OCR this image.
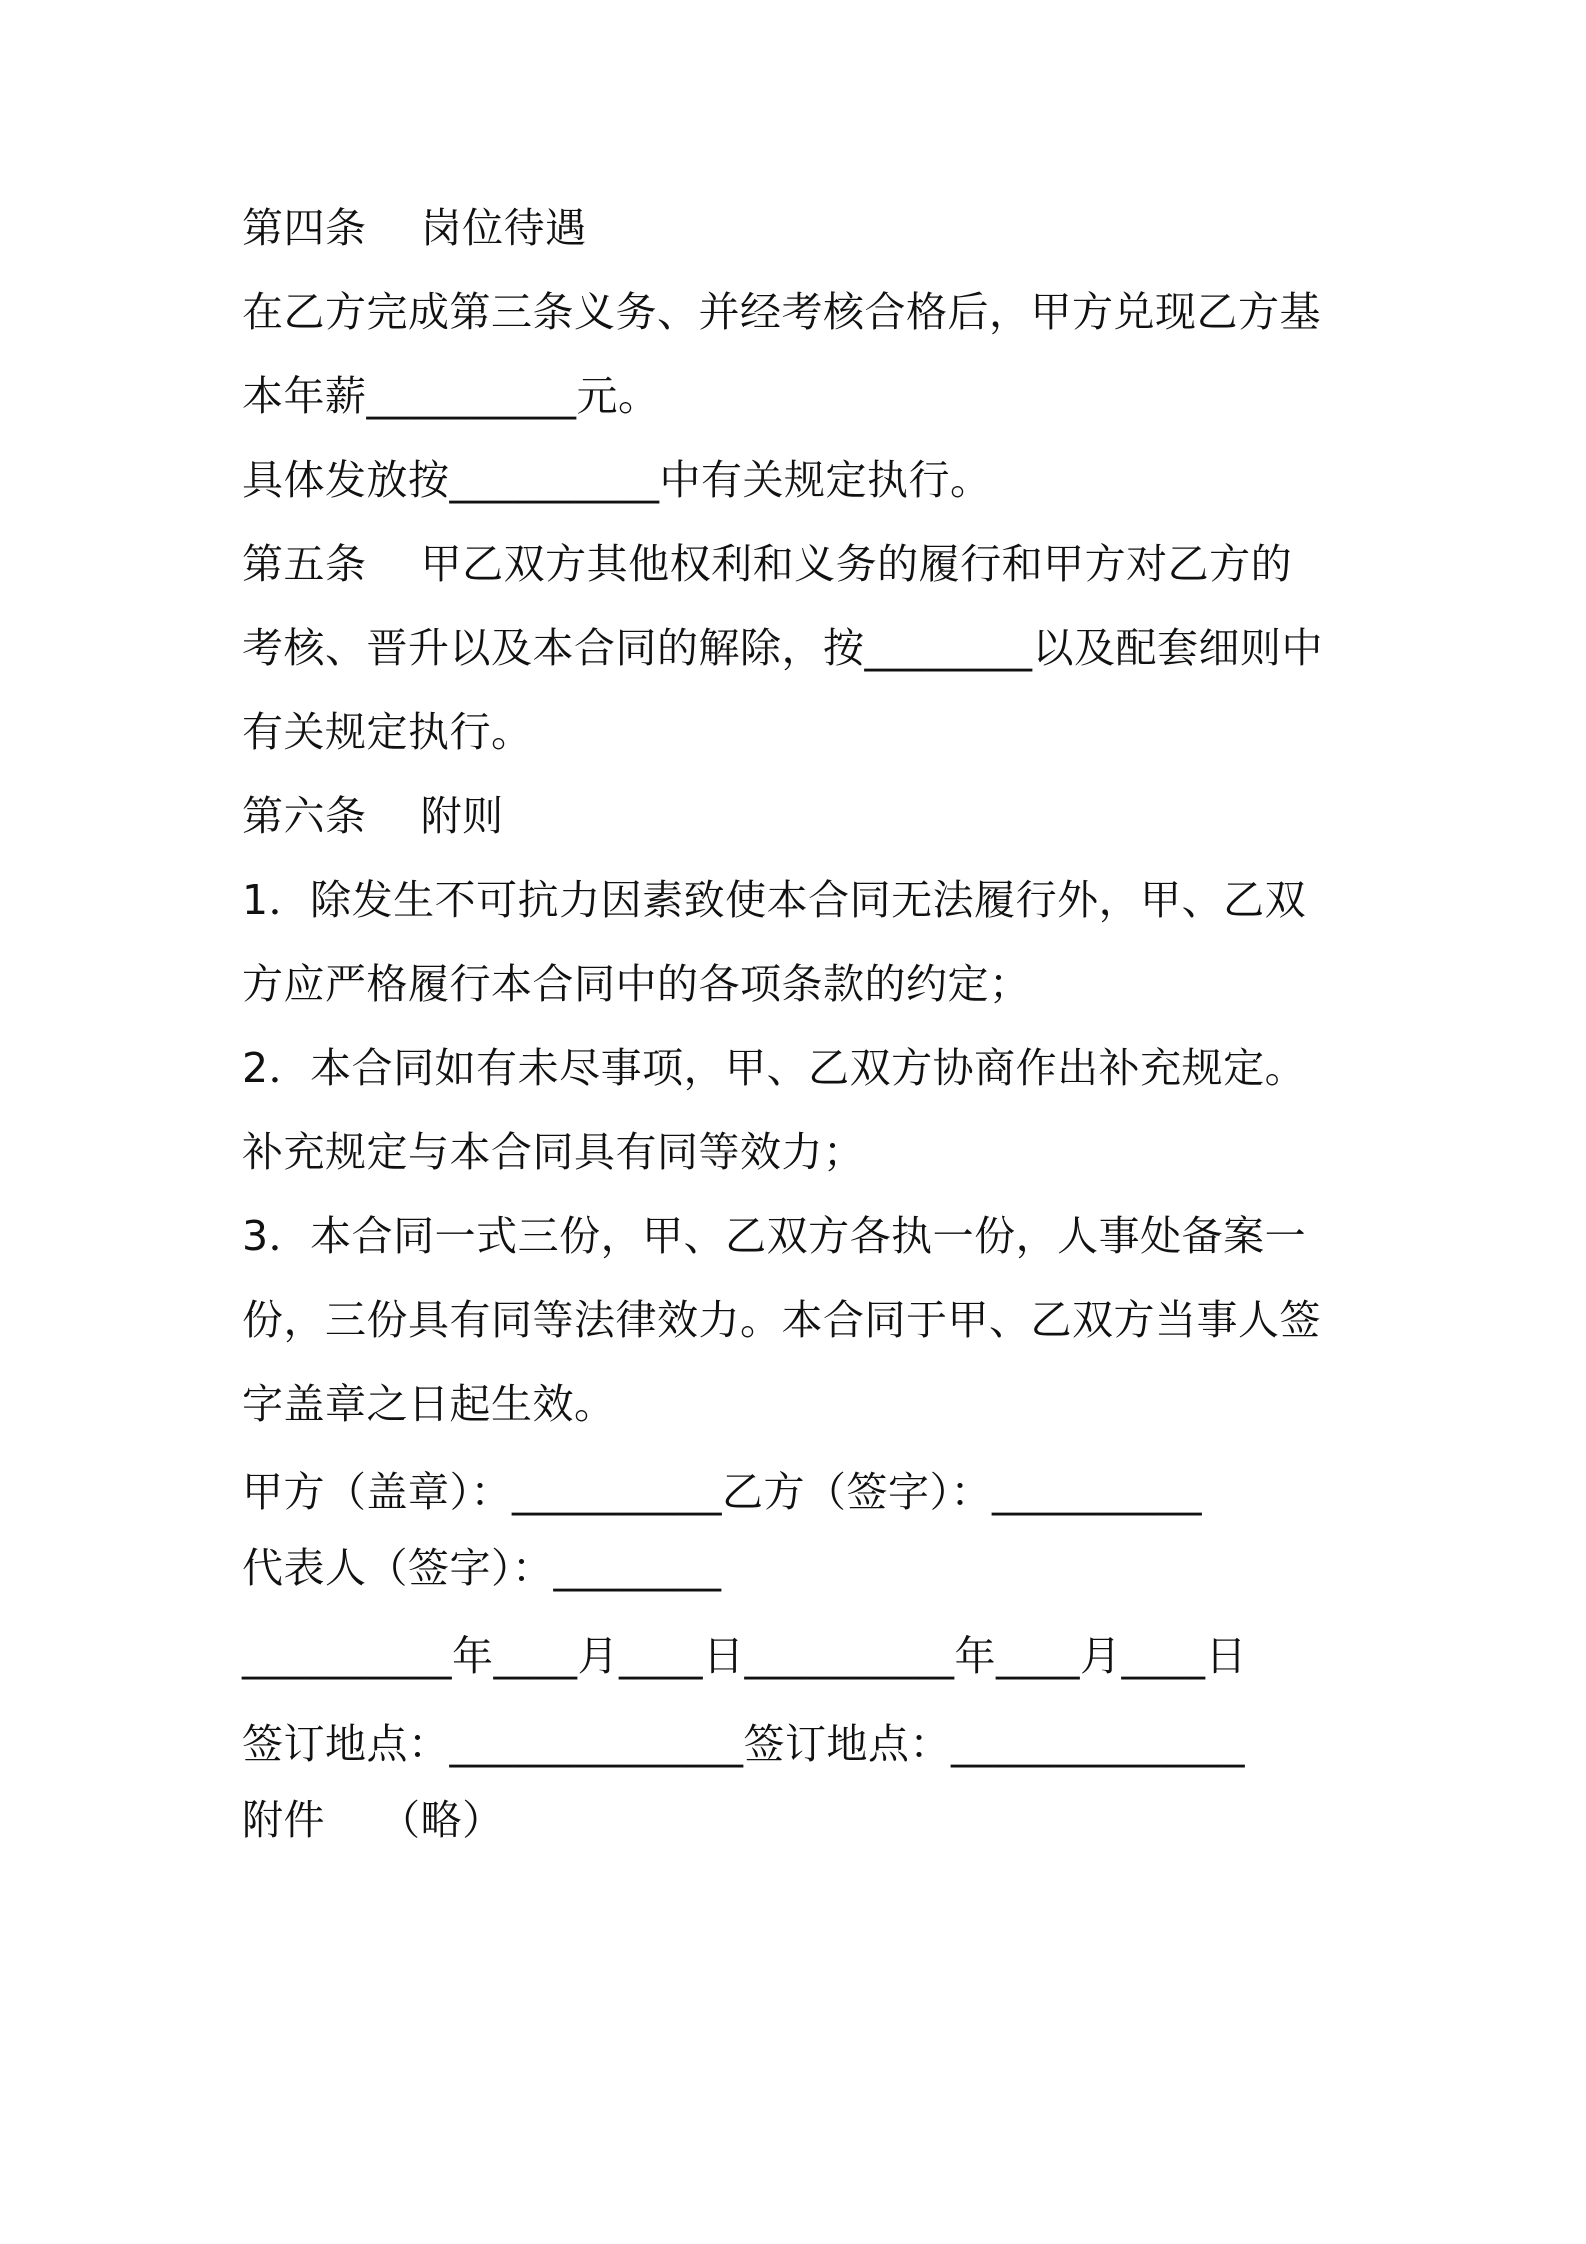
第四条    岗位待遇

在乙方完成第三条义务、并经考核合格后，甲方兑现乙方基

本年薪__________元。

具体发放按__________中有关规定执行。

第五条    甲乙双方其他权利和义务的履行和甲方对乙方的

考核、晋升以及本合同的解除，按________以及配套细则中

有关规定执行。

第六条    附则

1．除发生不可抗力因素致使本合同无法履行外，甲、乙双

方应严格履行本合同中的各项条款的约定；

2．本合同如有未尽事项，甲、乙双方协商作出补充规定。

补充规定与本合同具有同等效力；

3．本合同一式三份，甲、乙双方各执一份，人事处备案一

份，三份具有同等法律效力。本合同于甲、乙双方当事人签

字盖章之日起生效。

甲方（盖章）：__________乙方（签字）：__________

代表人（签字）：________

__________年____月____日__________年____月____日

签订地点：______________签订地点：______________

附件    （略）
